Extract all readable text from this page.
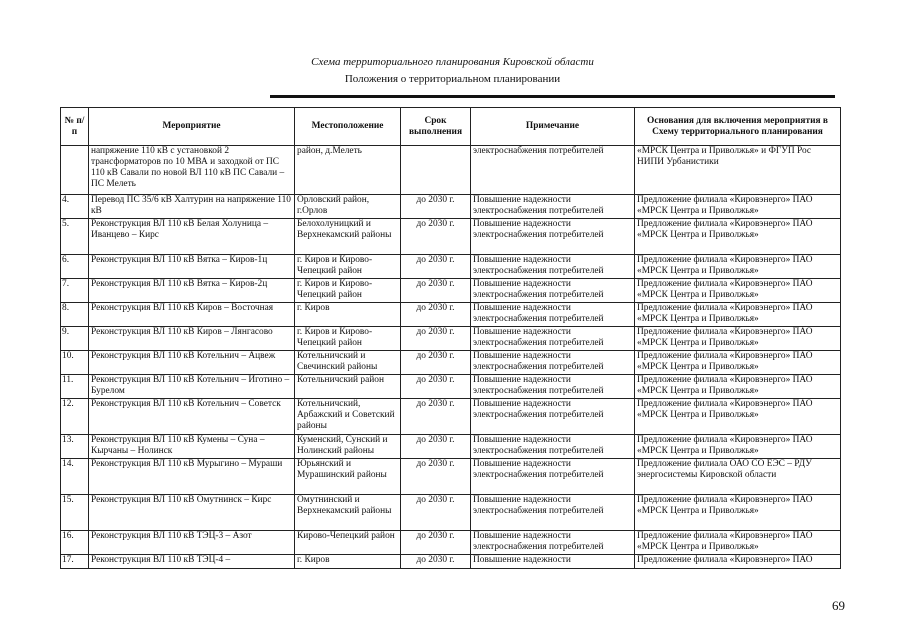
Схема территориального планирования Кировской области
Положения о территориальном планировании
№ п/п	Мероприятие	Местоположение	Срок выполнения	Примечание	Основания для включения мероприятия в Схему территориального планирования
	напряжение 110 кВ с установкой 2 трансформаторов по 10 МВА и заходкой от ПС 110 кВ Савали по новой ВЛ 110 кВ ПС Савали – ПС Мелеть	район, д.Мелеть		электроснабжения потребителей	«МРСК Центра и Приволжья» и ФГУП Рос НИПИ Урбанистики
4.	Перевод ПС 35/6 кВ Халтурин на напряжение 110 кВ	Орловский район, г.Орлов	до 2030 г.	Повышение надежности электроснабжения потребителей	Предложение филиала «Кировэнерго» ПАО «МРСК Центра и Приволжья»
5.	Реконструкция ВЛ 110 кВ Белая Холуница – Иванцево – Кирс	Белохолуницкий и Верхнекамский районы	до 2030 г.	Повышение надежности электроснабжения потребителей	Предложение филиала «Кировэнерго» ПАО «МРСК Центра и Приволжья»
6.	Реконструкция ВЛ 110 кВ Вятка – Киров-1ц	г. Киров и Кирово-Чепецкий район	до 2030 г.	Повышение надежности электроснабжения потребителей	Предложение филиала «Кировэнерго» ПАО «МРСК Центра и Приволжья»
7.	Реконструкция ВЛ 110 кВ Вятка – Киров-2ц	г. Киров и Кирово-Чепецкий район	до 2030 г.	Повышение надежности электроснабжения потребителей	Предложение филиала «Кировэнерго» ПАО «МРСК Центра и Приволжья»
8.	Реконструкция ВЛ 110 кВ Киров – Восточная	г. Киров	до 2030 г.	Повышение надежности электроснабжения потребителей	Предложение филиала «Кировэнерго» ПАО «МРСК Центра и Приволжья»
9.	Реконструкция ВЛ 110 кВ Киров – Лянгасово	г. Киров и Кирово-Чепецкий район	до 2030 г.	Повышение надежности электроснабжения потребителей	Предложение филиала «Кировэнерго» ПАО «МРСК Центра и Приволжья»
10.	Реконструкция ВЛ 110 кВ Котельнич – Ацвеж	Котельничский и Свечинский районы	до 2030 г.	Повышение надежности электроснабжения потребителей	Предложение филиала «Кировэнерго» ПАО «МРСК Центра и Приволжья»
11.	Реконструкция ВЛ 110 кВ Котельнич – Иготино – Бурелом	Котельничский район	до 2030 г.	Повышение надежности электроснабжения потребителей	Предложение филиала «Кировэнерго» ПАО «МРСК Центра и Приволжья»
12.	Реконструкция ВЛ 110 кВ Котельнич – Советск	Котельничский, Арбажский и Советский районы	до 2030 г.	Повышение надежности электроснабжения потребителей	Предложение филиала «Кировэнерго» ПАО «МРСК Центра и Приволжья»
13.	Реконструкция ВЛ 110 кВ Кумены – Суна – Кырчаны – Нолинск	Куменский, Сунский и Нолинский районы	до 2030 г.	Повышение надежности электроснабжения потребителей	Предложение филиала «Кировэнерго» ПАО «МРСК Центра и Приволжья»
14.	Реконструкция ВЛ 110 кВ Мурыгино – Мураши	Юрьянский и Мурашинский районы	до 2030 г.	Повышение надежности электроснабжения потребителей	Предложение филиала ОАО СО ЕЭС – РДУ энергосистемы Кировской области
15.	Реконструкция ВЛ 110 кВ Омутнинск – Кирс	Омутнинский и Верхнекамский районы	до 2030 г.	Повышение надежности электроснабжения потребителей	Предложение филиала «Кировэнерго» ПАО «МРСК Центра и Приволжья»
16.	Реконструкция ВЛ 110 кВ ТЭЦ-3 – Азот	Кирово-Чепецкий район	до 2030 г.	Повышение надежности электроснабжения потребителей	Предложение филиала «Кировэнерго» ПАО «МРСК Центра и Приволжья»
17.	Реконструкция ВЛ 110 кВ ТЭЦ-4 –	г. Киров	до 2030 г.	Повышение надежности	Предложение филиала «Кировэнерго» ПАО
69
